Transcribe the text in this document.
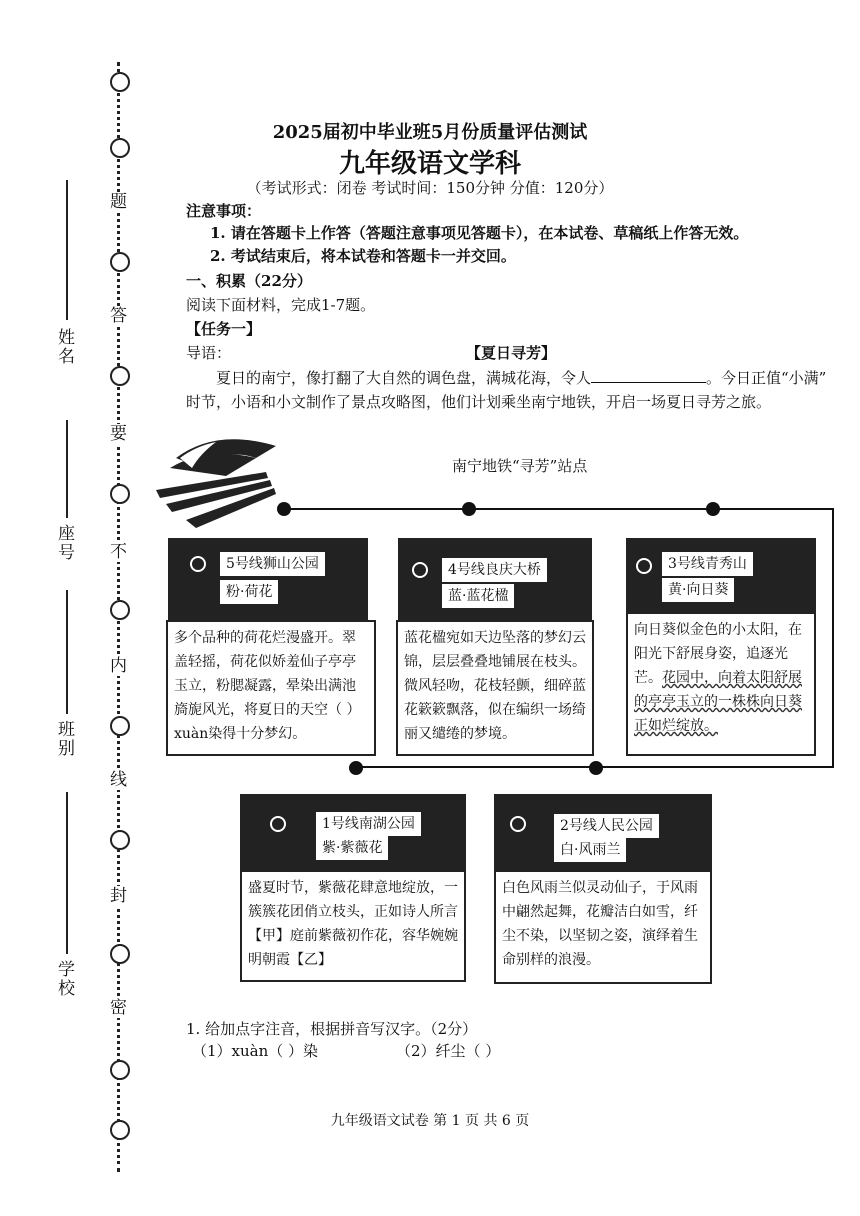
题
答
要
不
内
线
封
密
姓名
座号
班别
学校
2025届初中毕业班5月份质量评估测试
九年级语文学科
（考试形式：闭卷 考试时间：150分钟 分值：120分）
注意事项：
1. 请在答题卡上作答（答题注意事项见答题卡），在本试卷、草稿纸上作答无效。
2. 考试结束后，将本试卷和答题卡一并交回。
一、积累（22分）
阅读下面材料，完成1-7题。
【任务一】
导语：	【夏日寻芳】
夏日的南宁，像打翻了大自然的调色盘，满城花海，令人	。今日正值“小满”
时节，小语和小文制作了景点攻略图，他们计划乘坐南宁地铁，开启一场夏日寻芳之旅。
南宁地铁“寻芳”站点
5号线狮山公园
粉·荷花
多个品种的荷花烂漫盛开。翠盖轻摇，荷花似娇羞仙子亭亭玉立，粉腮凝露，晕染出满池旖旎风光，将夏日的天空（ ）xuàn染得十分梦幻。
4号线良庆大桥
蓝·蓝花楹
蓝花楹宛如天边坠落的梦幻云锦，层层叠叠地铺展在枝头。微风轻吻，花枝轻颤，细碎蓝花簌簌飘落，似在编织一场绮丽又缱绻的梦境。
3号线青秀山
黄·向日葵
向日葵似金色的小太阳，在阳光下舒展身姿，追逐光芒。花园中，向着太阳舒展的亭亭玉立的一株株向日葵正如烂绽放。
1号线南湖公园
紫·紫薇花
盛夏时节，紫薇花肆意地绽放，一簇簇花团俏立枝头，正如诗人所言【甲】庭前紫薇初作花，容华婉婉明朝霞【乙】
2号线人民公园
白·风雨兰
白色风雨兰似灵动仙子，于风雨中翩然起舞，花瓣洁白如雪，纤尘不染，以坚韧之姿，演绎着生命别样的浪漫。
1. 给加点字注音，根据拼音写汉字。（2分）
（1）xuàn（ ）染	（2）纤尘（ ）
九年级语文试卷 第 1 页 共 6 页
